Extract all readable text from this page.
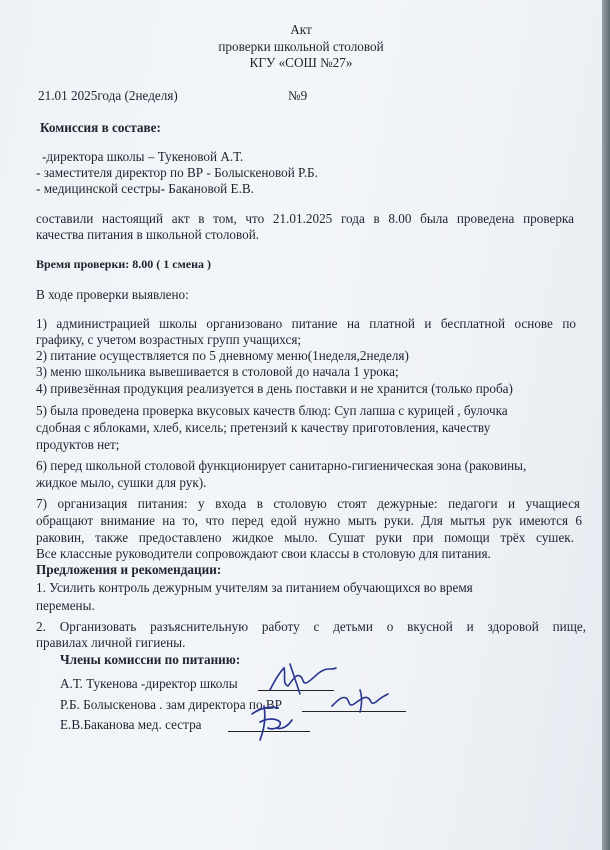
Акт
проверки школьной столовой
КГУ «СОШ №27»
21.01 2025года (2неделя)	№9
Комиссия в составе:
-директора школы – Тукеновой А.Т.
- заместителя директор по ВР - Болыскеновой Р.Б.
- медицинской сестры- Бакановой Е.В.
составили настоящий акт в том, что 21.01.2025 года в 8.00 была проведена проверка
качества питания в школьной столовой.
Время проверки: 8.00 ( 1 смена )
В ходе проверки выявлено:
1) администрацией школы организовано питание на платной и бесплатной основе по
графику, с учетом возрастных групп учащихся;
2) питание осуществляется по 5 дневному меню(1неделя,2неделя)
3) меню школьника вывешивается в столовой до начала 1 урока;
4) привезённая продукция реализуется в день поставки и не хранится (только проба)
5) была проведена проверка вкусовых качеств блюд: Суп лапша с курицей , булочка
сдобная с яблоками, хлеб, кисель; претензий к качеству приготовления, качеству
продуктов нет;
6) перед школьной столовой функционирует санитарно-гигиеническая зона (раковины,
жидкое мыло, сушки для рук).
7) организация питания: у входа в столовую стоят дежурные: педагоги и учащиеся
обращают внимание на то, что перед едой нужно мыть руки. Для мытья рук имеются 6
раковин, также предоставлено жидкое мыло. Сушат руки при помощи трёх сушек.
Все классные руководители сопровождают свои классы в столовую для питания.
Предложения и рекомендации:
1. Усилить контроль дежурным учителям за питанием обучающихся во время
перемены.
2. Организовать разъяснительную работу с детьми о вкусной и здоровой пище,
правилах личной гигиены.
Члены комиссии по питанию:
А.Т. Тукенова -директор школы
Р.Б. Болыскенова . зам директора по ВР
Е.В.Баканова мед. сестра
